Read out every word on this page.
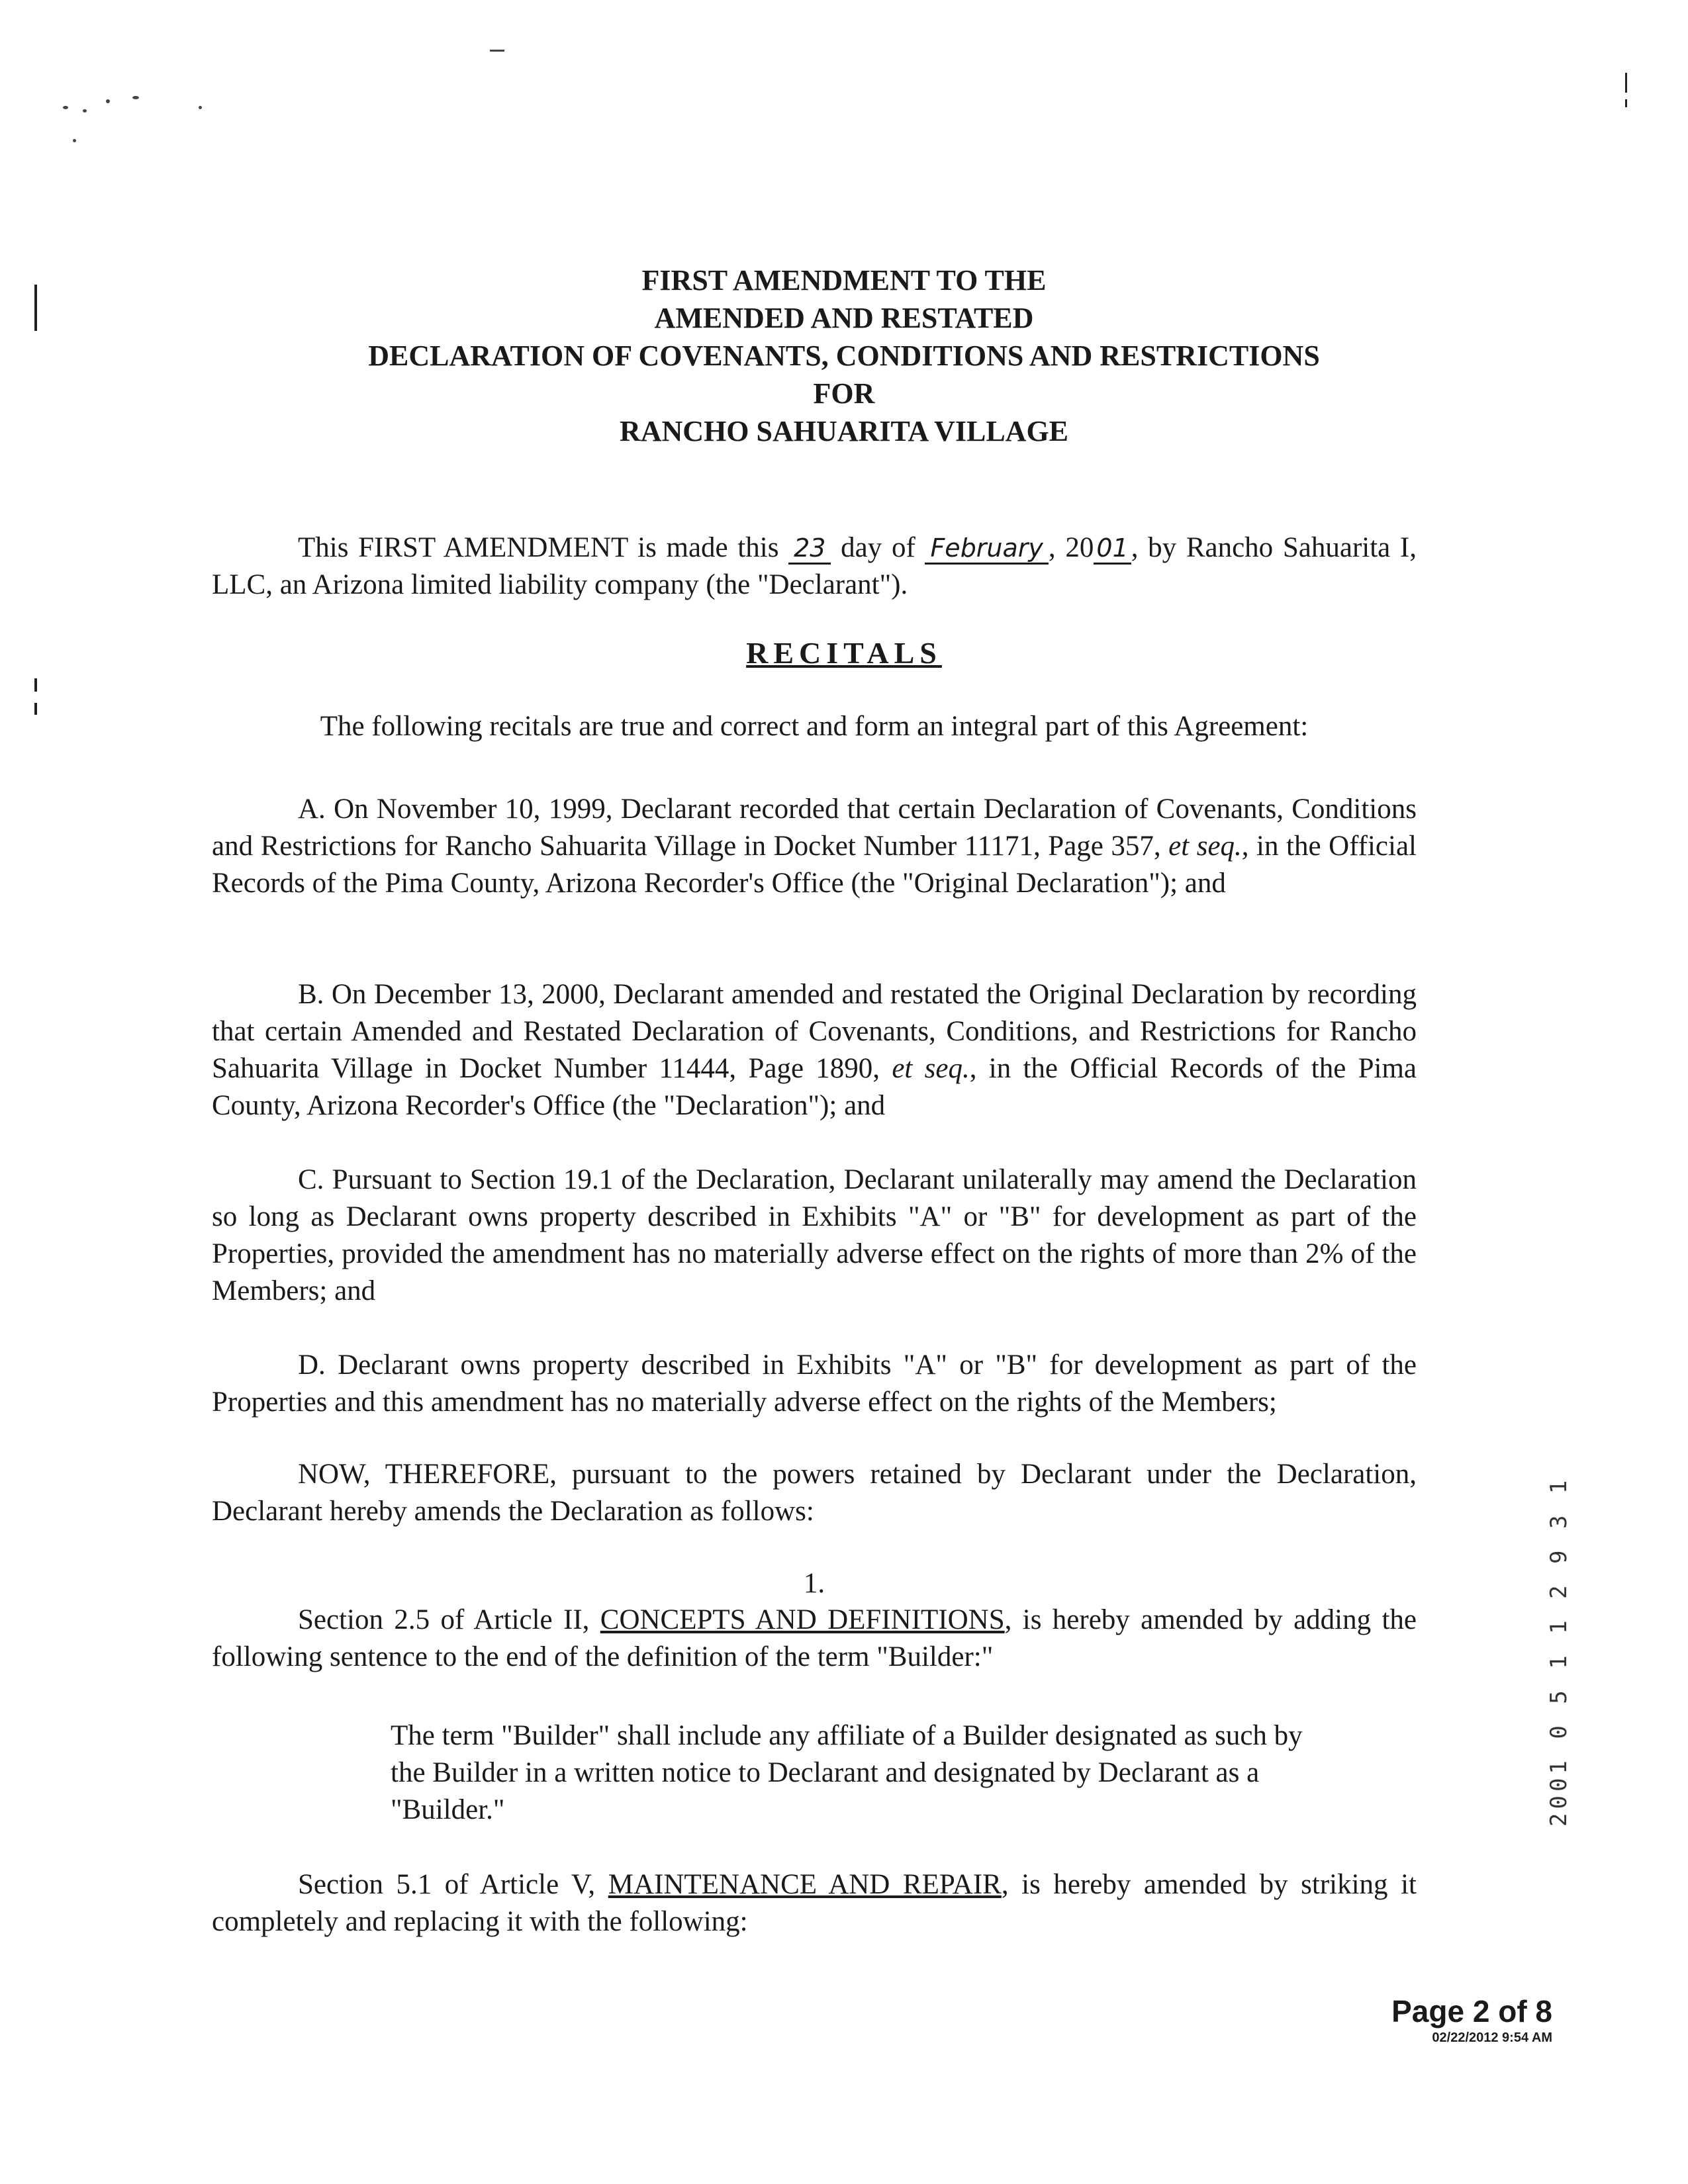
FIRST AMENDMENT TO THE
AMENDED AND RESTATED
DECLARATION OF COVENANTS, CONDITIONS AND RESTRICTIONS
FOR
RANCHO SAHUARITA VILLAGE
This FIRST AMENDMENT is made this 23 day of February , 20 01, by Rancho Sahuarita I, LLC, an Arizona limited liability company (the "Declarant").
RECITALS
The following recitals are true and correct and form an integral part of this Agreement:
A. On November 10, 1999, Declarant recorded that certain Declaration of Covenants, Conditions and Restrictions for Rancho Sahuarita Village in Docket Number 11171, Page 357, et seq., in the Official Records of the Pima County, Arizona Recorder's Office (the "Original Declaration"); and
B. On December 13, 2000, Declarant amended and restated the Original Declaration by recording that certain Amended and Restated Declaration of Covenants, Conditions, and Restrictions for Rancho Sahuarita Village in Docket Number 11444, Page 1890, et seq., in the Official Records of the Pima County, Arizona Recorder's Office (the "Declaration"); and
C. Pursuant to Section 19.1 of the Declaration, Declarant unilaterally may amend the Declaration so long as Declarant owns property described in Exhibits "A" or "B" for development as part of the Properties, provided the amendment has no materially adverse effect on the rights of more than 2% of the Members; and
D. Declarant owns property described in Exhibits "A" or "B" for development as part of the Properties and this amendment has no materially adverse effect on the rights of the Members;
NOW, THEREFORE, pursuant to the powers retained by Declarant under the Declaration, Declarant hereby amends the Declaration as follows:
1.
Section 2.5 of Article II, CONCEPTS AND DEFINITIONS, is hereby amended by adding the following sentence to the end of the definition of the term "Builder:"
The term "Builder" shall include any affiliate of a Builder designated as such by the Builder in a written notice to Declarant and designated by Declarant as a "Builder."
Section 5.1 of Article V, MAINTENANCE AND REPAIR, is hereby amended by striking it completely and replacing it with the following:
2001 0 5 1 1 2 9 3 1
Page 2 of 8
02/22/2012 9:54 AM
